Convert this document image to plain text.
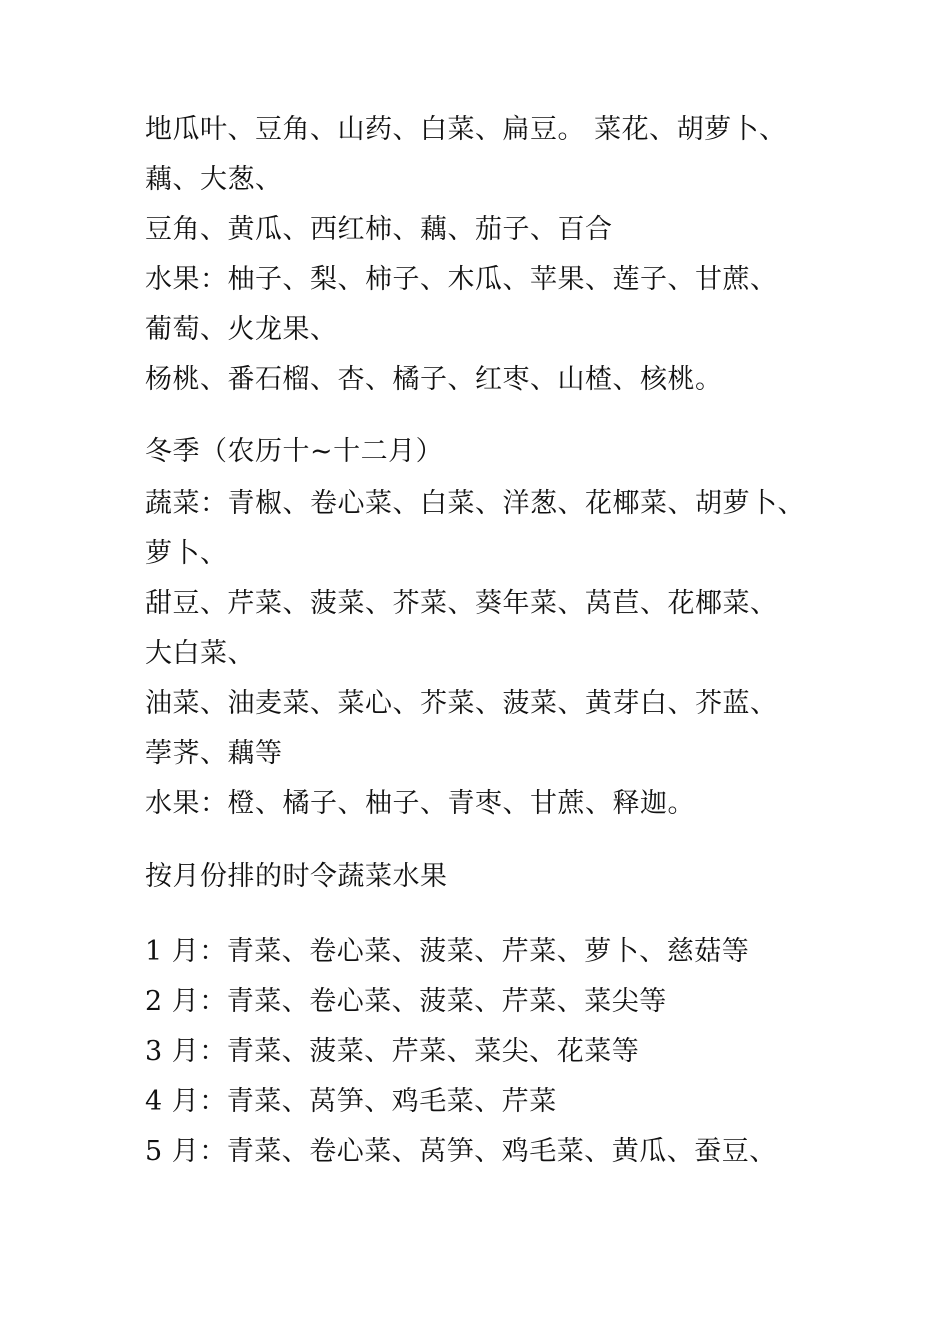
地瓜叶、豆角、山药、白菜、扁豆。 菜花、胡萝卜、
藕、大葱、
豆角、黄瓜、西红柿、藕、茄子、百合
水果：柚子、梨、柿子、木瓜、苹果、莲子、甘蔗、
葡萄、火龙果、
杨桃、番石榴、杏、橘子、红枣、山楂、核桃。
冬季（农历十~十二月）
蔬菜：青椒、卷心菜、白菜、洋葱、花椰菜、胡萝卜、
萝卜、
甜豆、芹菜、菠菜、芥菜、葵年菜、莴苣、花椰菜、
大白菜、
油菜、油麦菜、菜心、芥菜、菠菜、黄芽白、芥蓝、
荸荠、藕等
水果：橙、橘子、柚子、青枣、甘蔗、释迦。
按月份排的时令蔬菜水果
1 月：青菜、卷心菜、菠菜、芹菜、萝卜、慈菇等
2 月：青菜、卷心菜、菠菜、芹菜、菜尖等
3 月：青菜、菠菜、芹菜、菜尖、花菜等
4 月：青菜、莴笋、鸡毛菜、芹菜
5 月：青菜、卷心菜、莴笋、鸡毛菜、黄瓜、蚕豆、
